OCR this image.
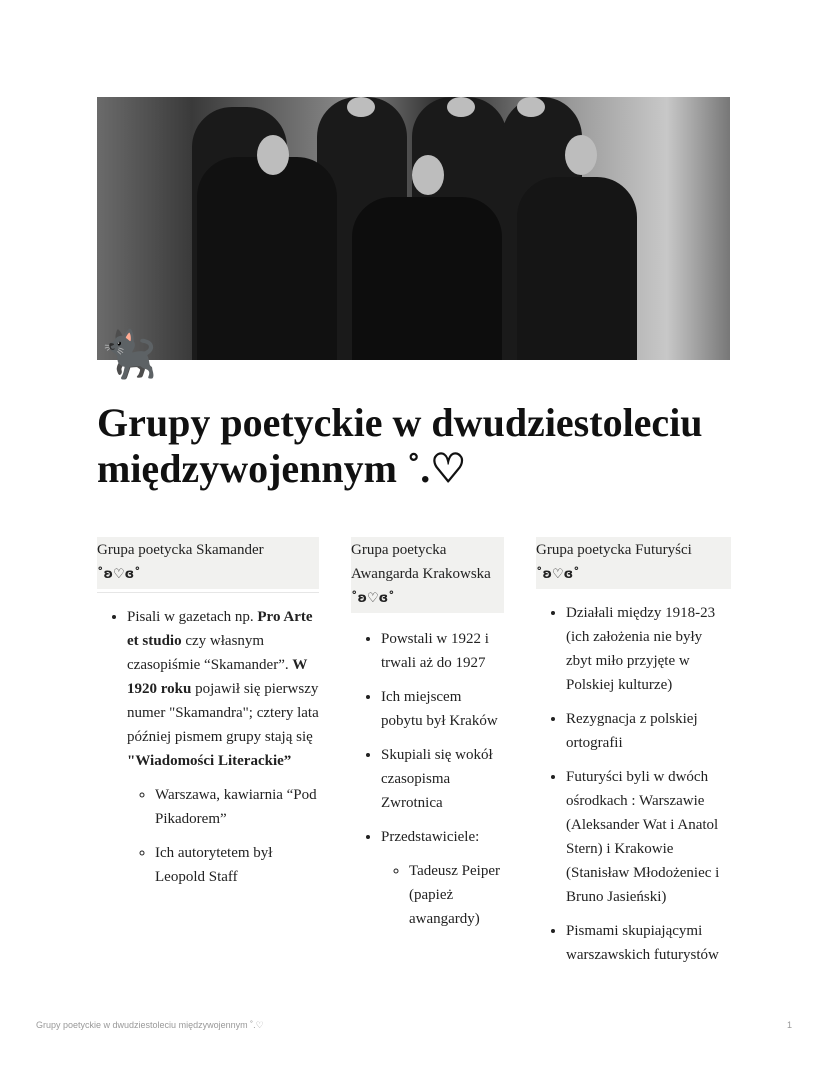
🐈‍⬛
Grupy poetyckie w dwudziestoleciu międzywojennym ˚.♡
Grupa poetycka Skamander
˚ʚ♡ɞ˚
• Pisali w gazetach np. Pro Arte et studio czy własnym czasopiśmie “Skamander”. W 1920 roku pojawił się pierwszy numer "Skamandra"; cztery lata później pismem grupy stają się "Wiadomości Literackie”
◦ Warszawa, kawiarnia “Pod Pikadorem”
◦ Ich autorytetem był Leopold Staff
Grupa poetycka Awangarda Krakowska
˚ʚ♡ɞ˚
• Powstali w 1922 i trwali aż do 1927
• Ich miejscem pobytu był Kraków
• Skupiali się wokół czasopisma Zwrotnica
• Przedstawiciele:
◦ Tadeusz Peiper (papież awangardy)
Grupa poetycka Futuryści
˚ʚ♡ɞ˚
• Działali między 1918-23 (ich założenia nie były zbyt miło przyjęte w Polskiej kulturze)
• Rezygnacja z polskiej ortografii
• Futuryści byli w dwóch ośrodkach : Warszawie (Aleksander Wat i Anatol Stern) i Krakowie (Stanisław Młodożeniec i Bruno Jasieński)
• Pismami skupiającymi warszawskich futurystów
Grupy poetyckie w dwudziestoleciu międzywojennym ˚.♡	1
